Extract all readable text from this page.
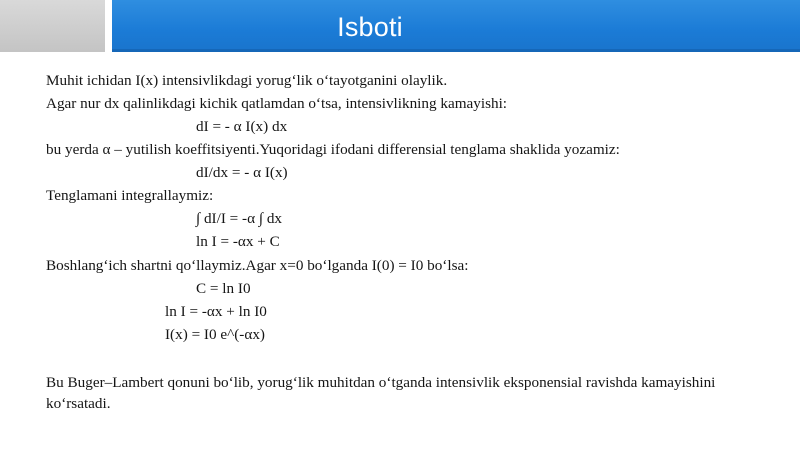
Isboti
Muhit ichidan I(x) intensivlikdagi yorug‘lik o‘tayotganini olaylik.
Agar nur dx qalinlikdagi kichik qatlamdan o‘tsa, intensivlikning kamayishi:
dI = - α I(x) dx
bu yerda α – yutilish koeffitsiyenti.Yuqoridagi ifodani differensial tenglama shaklida yozamiz:
dI/dx = - α I(x)
Tenglamani integrallaymiz:
∫ dI/I = -α ∫ dx
ln I = -αx + C
Boshlang‘ich shartni qo‘llaymiz.Agar x=0 bo‘lganda I(0) = I0 bo‘lsa:
C = ln I0
ln I = -αx + ln I0
I(x) = I0 e^(-αx)
Bu Buger–Lambert qonuni bo‘lib, yorug‘lik muhitdan o‘tganda intensivlik eksponensial ravishda kamayishini ko‘rsatadi.
